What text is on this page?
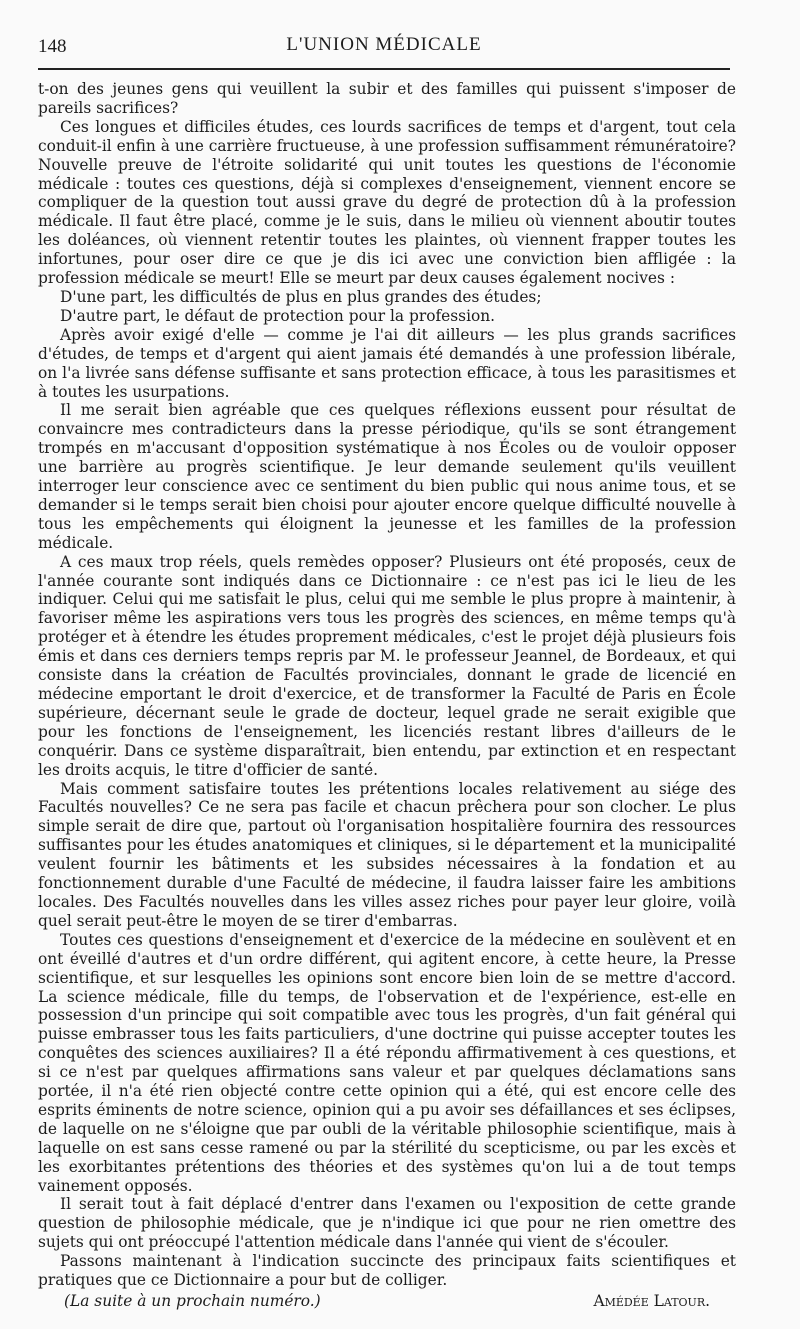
148	L'UNION MÉDICALE

t-on des jeunes gens qui veuillent la subir et des familles qui puissent s'imposer de pareils sacrifices?

Ces longues et difficiles études, ces lourds sacrifices de temps et d'argent, tout cela conduit-il enfin à une carrière fructueuse, à une profession suffisamment rémunératoire? Nouvelle preuve de l'étroite solidarité qui unit toutes les questions de l'économie médicale : toutes ces questions, déjà si complexes d'enseignement, viennent encore se compliquer de la question tout aussi grave du degré de protection dû à la profession médicale. Il faut être placé, comme je le suis, dans le milieu où viennent aboutir toutes les doléances, où viennent retentir toutes les plaintes, où viennent frapper toutes les infortunes, pour oser dire ce que je dis ici avec une conviction bien affligée : la profession médicale se meurt! Elle se meurt par deux causes également nocives :

D'une part, les difficultés de plus en plus grandes des études;

D'autre part, le défaut de protection pour la profession.

Après avoir exigé d'elle — comme je l'ai dit ailleurs — les plus grands sacrifices d'études, de temps et d'argent qui aient jamais été demandés à une profession libérale, on l'a livrée sans défense suffisante et sans protection efficace, à tous les parasitismes et à toutes les usurpations.

Il me serait bien agréable que ces quelques réflexions eussent pour résultat de convaincre mes contradicteurs dans la presse périodique, qu'ils se sont étrangement trompés en m'accusant d'opposition systématique à nos Écoles ou de vouloir opposer une barrière au progrès scientifique. Je leur demande seulement qu'ils veuillent interroger leur conscience avec ce sentiment du bien public qui nous anime tous, et se demander si le temps serait bien choisi pour ajouter encore quelque difficulté nouvelle à tous les empêchements qui éloignent la jeunesse et les familles de la profession médicale.

A ces maux trop réels, quels remèdes opposer? Plusieurs ont été proposés, ceux de l'année courante sont indiqués dans ce Dictionnaire : ce n'est pas ici le lieu de les indiquer. Celui qui me satisfait le plus, celui qui me semble le plus propre à maintenir, à favoriser même les aspirations vers tous les progrès des sciences, en même temps qu'à protéger et à étendre les études proprement médicales, c'est le projet déjà plusieurs fois émis et dans ces derniers temps repris par M. le professeur Jeannel, de Bordeaux, et qui consiste dans la création de Facultés provinciales, donnant le grade de licencié en médecine emportant le droit d'exercice, et de transformer la Faculté de Paris en École supérieure, décernant seule le grade de docteur, lequel grade ne serait exigible que pour les fonctions de l'enseignement, les licenciés restant libres d'ailleurs de le conquérir. Dans ce système disparaîtrait, bien entendu, par extinction et en respectant les droits acquis, le titre d'officier de santé.

Mais comment satisfaire toutes les prétentions locales relativement au siége des Facultés nouvelles? Ce ne sera pas facile et chacun prêchera pour son clocher. Le plus simple serait de dire que, partout où l'organisation hospitalière fournira des ressources suffisantes pour les études anatomiques et cliniques, si le département et la municipalité veulent fournir les bâtiments et les subsides nécessaires à la fondation et au fonctionnement durable d'une Faculté de médecine, il faudra laisser faire les ambitions locales. Des Facultés nouvelles dans les villes assez riches pour payer leur gloire, voilà quel serait peut-être le moyen de se tirer d'embarras.

Toutes ces questions d'enseignement et d'exercice de la médecine en soulèvent et en ont éveillé d'autres et d'un ordre différent, qui agitent encore, à cette heure, la Presse scientifique, et sur lesquelles les opinions sont encore bien loin de se mettre d'accord. La science médicale, fille du temps, de l'observation et de l'expérience, est-elle en possession d'un principe qui soit compatible avec tous les progrès, d'un fait général qui puisse embrasser tous les faits particuliers, d'une doctrine qui puisse accepter toutes les conquêtes des sciences auxiliaires? Il a été répondu affirmativement à ces questions, et si ce n'est par quelques affirmations sans valeur et par quelques déclamations sans portée, il n'a été rien objecté contre cette opinion qui a été, qui est encore celle des esprits éminents de notre science, opinion qui a pu avoir ses défaillances et ses éclipses, de laquelle on ne s'éloigne que par oubli de la véritable philosophie scientifique, mais à laquelle on est sans cesse ramené ou par la stérilité du scepticisme, ou par les excès et les exorbitantes prétentions des théories et des systèmes qu'on lui a de tout temps vainement opposés.

Il serait tout à fait déplacé d'entrer dans l'examen ou l'exposition de cette grande question de philosophie médicale, que je n'indique ici que pour ne rien omettre des sujets qui ont préoccupé l'attention médicale dans l'année qui vient de s'écouler.

Passons maintenant à l'indication succincte des principaux faits scientifiques et pratiques que ce Dictionnaire a pour but de colliger.

(La suite à un prochain numéro.)	Amédée Latour.
